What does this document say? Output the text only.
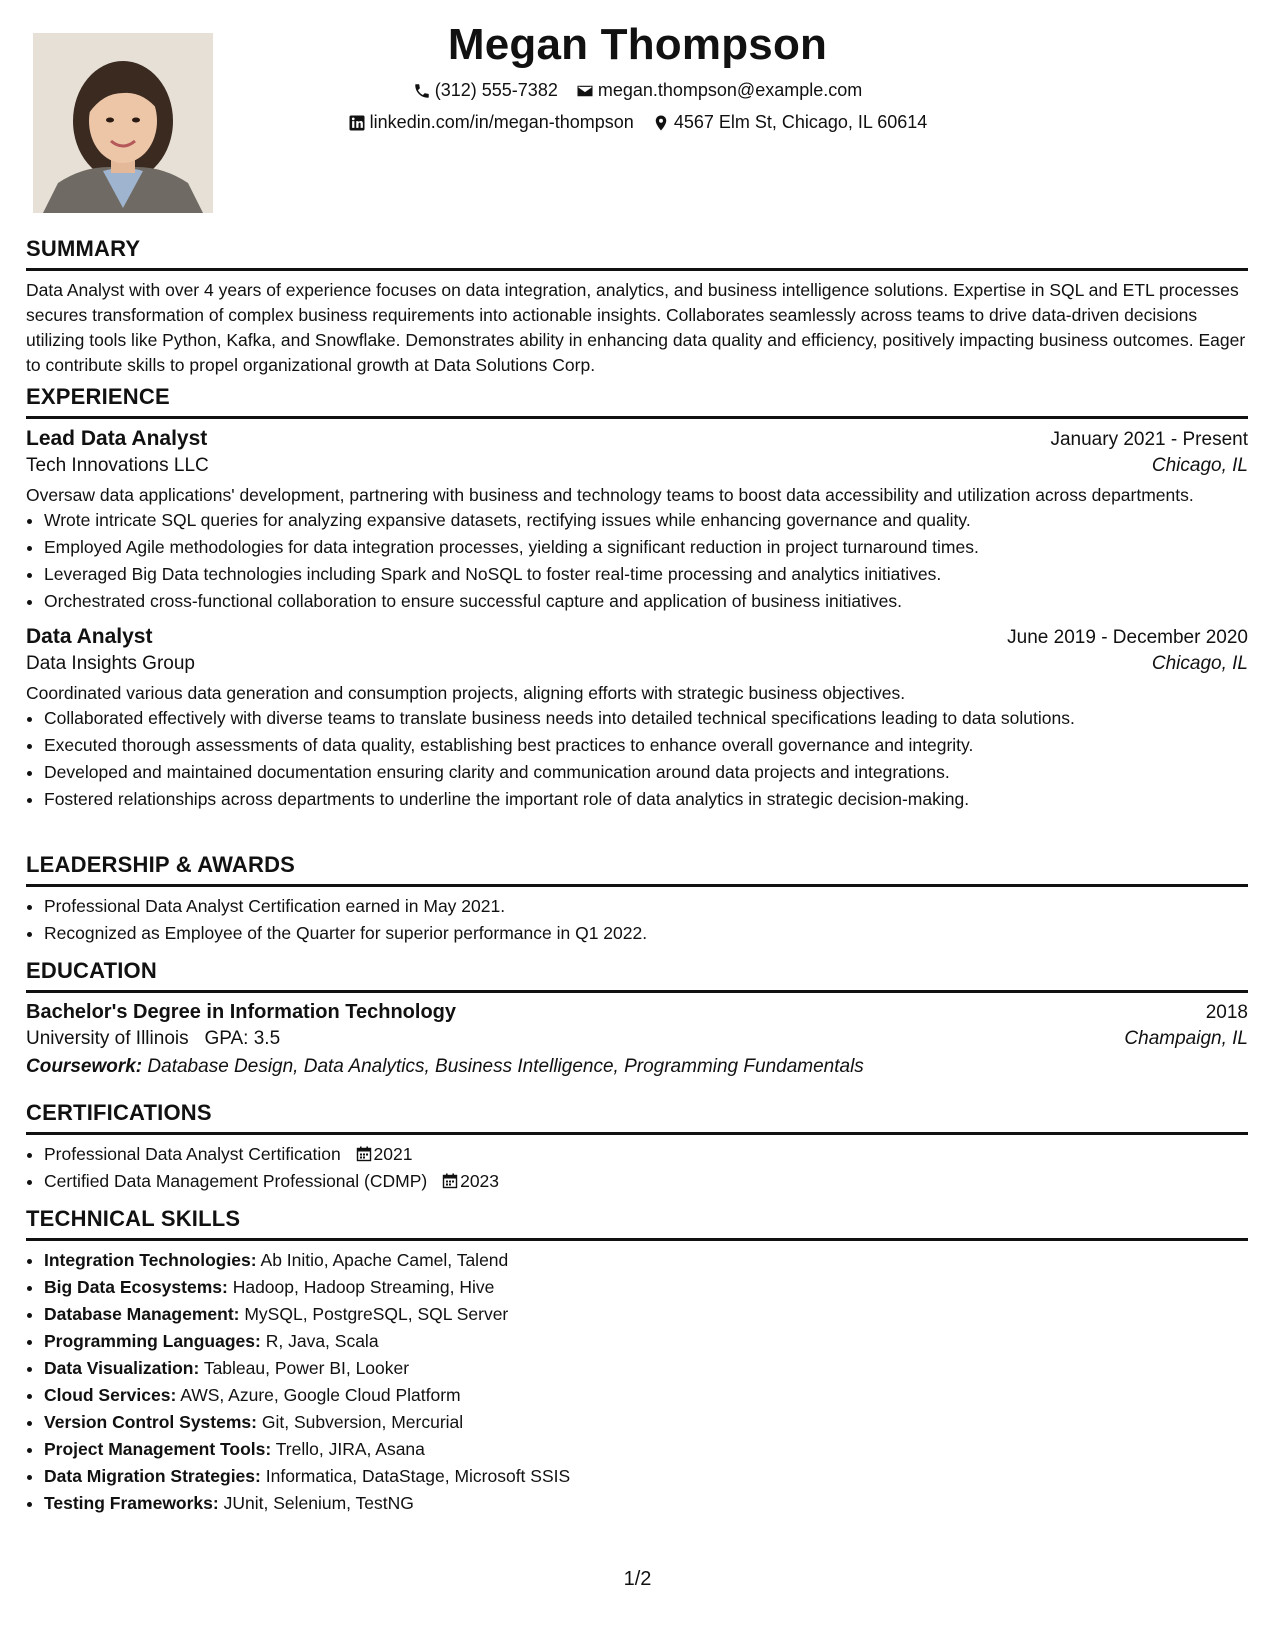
Megan Thompson
(312) 555-7382 megan.thompson@example.com
linkedin.com/in/megan-thompson 4567 Elm St, Chicago, IL 60614
SUMMARY
Data Analyst with over 4 years of experience focuses on data integration, analytics, and business intelligence solutions. Expertise in SQL and ETL processes secures transformation of complex business requirements into actionable insights. Collaborates seamlessly across teams to drive data-driven decisions utilizing tools like Python, Kafka, and Snowflake. Demonstrates ability in enhancing data quality and efficiency, positively impacting business outcomes. Eager to contribute skills to propel organizational growth at Data Solutions Corp.
EXPERIENCE
Lead Data Analyst	January 2021 - Present
Tech Innovations LLC	Chicago, IL
Oversaw data applications' development, partnering with business and technology teams to boost data accessibility and utilization across departments.
• Wrote intricate SQL queries for analyzing expansive datasets, rectifying issues while enhancing governance and quality.
• Employed Agile methodologies for data integration processes, yielding a significant reduction in project turnaround times.
• Leveraged Big Data technologies including Spark and NoSQL to foster real-time processing and analytics initiatives.
• Orchestrated cross-functional collaboration to ensure successful capture and application of business initiatives.
Data Analyst	June 2019 - December 2020
Data Insights Group	Chicago, IL
Coordinated various data generation and consumption projects, aligning efforts with strategic business objectives.
• Collaborated effectively with diverse teams to translate business needs into detailed technical specifications leading to data solutions.
• Executed thorough assessments of data quality, establishing best practices to enhance overall governance and integrity.
• Developed and maintained documentation ensuring clarity and communication around data projects and integrations.
• Fostered relationships across departments to underline the important role of data analytics in strategic decision-making.
LEADERSHIP & AWARDS
• Professional Data Analyst Certification earned in May 2021.
• Recognized as Employee of the Quarter for superior performance in Q1 2022.
EDUCATION
Bachelor's Degree in Information Technology	2018
University of Illinois GPA: 3.5	Champaign, IL
Coursework: Database Design, Data Analytics, Business Intelligence, Programming Fundamentals
CERTIFICATIONS
• Professional Data Analyst Certification 2021
• Certified Data Management Professional (CDMP) 2023
TECHNICAL SKILLS
• Integration Technologies: Ab Initio, Apache Camel, Talend
• Big Data Ecosystems: Hadoop, Hadoop Streaming, Hive
• Database Management: MySQL, PostgreSQL, SQL Server
• Programming Languages: R, Java, Scala
• Data Visualization: Tableau, Power BI, Looker
• Cloud Services: AWS, Azure, Google Cloud Platform
• Version Control Systems: Git, Subversion, Mercurial
• Project Management Tools: Trello, JIRA, Asana
• Data Migration Strategies: Informatica, DataStage, Microsoft SSIS
• Testing Frameworks: JUnit, Selenium, TestNG
1/2
